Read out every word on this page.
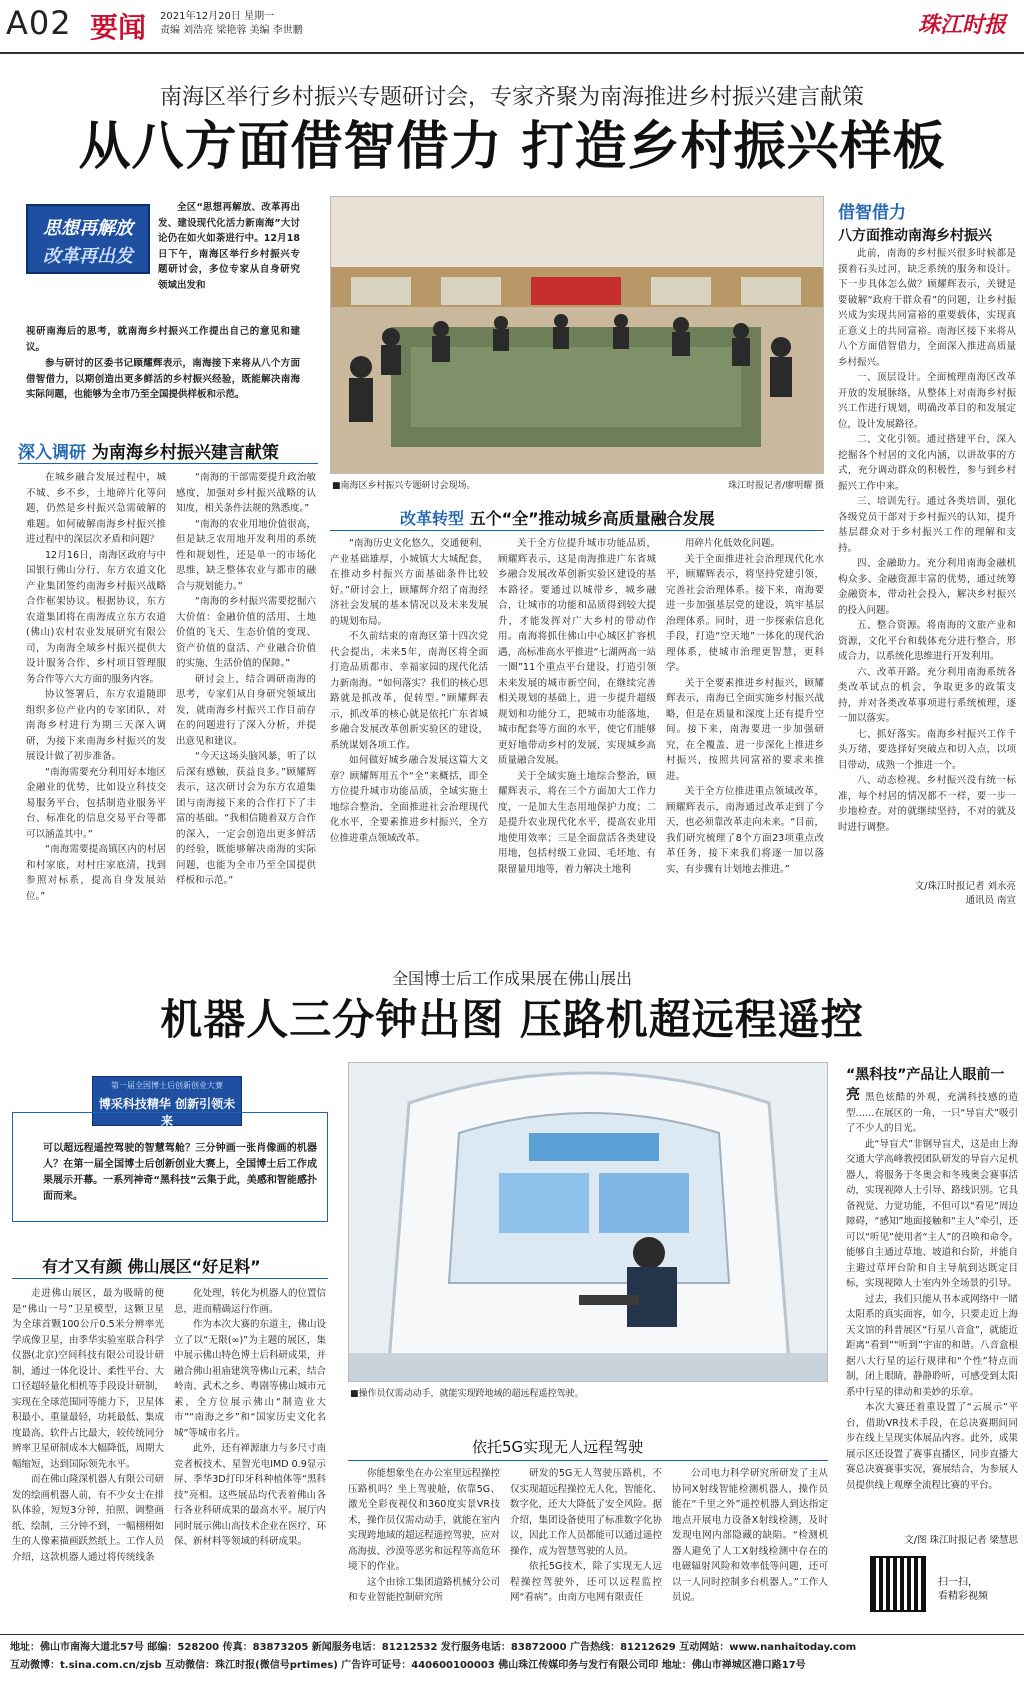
A02 要闻 2021年12月20日 星期一
责编 刘浩亮 梁艳蓉 美编 李世鹏	珠江时报
南海区举行乡村振兴专题研讨会，专家齐聚为南海推进乡村振兴建言献策
从八方面借智借力 打造乡村振兴样板
思想再解放
改革再出发

全区“思想再解放、改革再出发、建设现代化活力新南海”大讨论仍在如火如荼进行中。12月18日下午，南海区举行乡村振兴专题研讨会，多位专家从自身研究领域出发和

视研南海后的思考，就南海乡村振兴工作提出自己的意见和建议。

参与研讨的区委书记顾耀辉表示，南海接下来将从八个方面借智借力，以期创造出更多鲜活的乡村振兴经验，既能解决南海实际问题，也能够为全市乃至全国提供样板和示范。

深入调研 为南海乡村振兴建言献策

在城乡融合发展过程中，城不城、乡不乡，土地碎片化等问题，仍然是乡村振兴急需破解的难题。如何破解南海乡村振兴推进过程中的深层次矛盾和问题？

12月16日，南海区政府与中国银行佛山分行、东方农道文化产业集团签约南海乡村振兴战略合作框架协议。根据协议，东方农道集团将在南海成立东方农道(佛山)农村农业发展研究有限公司，为南海全域乡村振兴提供大设计服务合作、乡村项目管理服务合作等六大方面的服务内容。

协议签署后，东方农道随即组织多位产业内的专家团队，对南海乡村进行为期三天深入调研，为接下来南海乡村振兴的发展设计做了初步准备。

“南海需要充分利用好本地区金融业的优势，比如设立科技交易服务平台，包括制造业服务平台、标准化的信息交易平台等都可以涵盖其中。”

“南海需要提高镇区内的村居和村家底，对村庄家底清，找到参照对标系，提高自身发展站位。”

“南海的干部需要提升政治敏感度，加强对乡村振兴战略的认知度，相关条件法规的熟悉度。”

“南海的农业用地价值很高，但是缺乏农用地开发利用的系统性和规划性，还是单一的市场化思维，缺乏整体农业与都市的融合与规划能力。”

“南海的乡村振兴需要挖掘六大价值：金融价值的活用、土地价值的飞天、生态价值的变现、资产价值的盘活、产业融合价值的实施、生活价值的保障。”

研讨会上，结合调研南海的思考，专家们从自身研究领域出发，就南海乡村振兴工作目前存在的问题进行了深入分析，并提出意见和建议。

“今天这场头脑风暴，听了以后深有感触，获益良多。”顾耀辉表示，这次研讨会为东方农道集团与南海接下来的合作打下了丰富的基础。“我相信随着双方合作的深入，一定会创造出更多鲜活的经验，既能够解决南海的实际问题，也能为全市乃至全国提供样板和示范。”

■南海区乡村振兴专题研讨会现场。	珠江时报记者/廖明耀 摄
改革转型 五个“全”推动城乡高质量融合发展

“南海历史文化悠久，交通便利，产业基础雄厚，小城镇大大城配套，在推动乡村振兴方面基础条件比较好。”研讨会上，顾耀辉介绍了南海经济社会发展的基本情况以及未来发展的规划布局。

不久前结束的南海区第十四次党代会提出，未来5年，南海区将全面打造品质都市、幸福家园的现代化活力新南海。“如何落实？我们的核心思路就是抓改革，促转型。”顾耀辉表示，抓改革的核心就是依托广东省城乡融合发展改革创新实验区的建设，系统谋划各项工作。

如何做好城乡融合发展这篇大文章？顾耀辉用五个“全”来概括，即全方位提升城市功能品质，全域实施土地综合整治，全面推进社会治理现代化水平，全要素推进乡村振兴，全方位推进重点领域改革。

关于全方位提升城市功能品质，顾耀辉表示，这是南海推进广东省城乡融合发展改革创新实验区建设的基本路径。要通过以城带乡，城乡融合，让城市的功能和品质得到较大提升，才能发挥对广大乡村的带动作用。南海将抓住佛山中心城区扩容机遇，高标准高水平推进“七湖两高一站一圈”11个重点平台建设，打造引领未来发展的城市新空间，在继续完善相关规划的基础上，进一步提升超级规划和功能分工，把城市功能落地，城市配套等方面的水平，使它们能够更好地带动乡村的发展，实现城乡高质量融合发展。

关于全域实施土地综合整治，顾耀辉表示，将在三个方面加大工作力度，一是加大生态用地保护力度；二是提升农业现代化水平，提高农业用地使用效率；三是全面盘活各类建设用地，包括村级工业园、毛坯地、有限留量用地等，着力解决土地利

用碎片化低效化问题。

关于全面推进社会治理现代化水平，顾耀辉表示，将坚持党建引领，完善社会治理体系。接下来，南海要进一步加强基层党的建设，筑牢基层治理体系。同时，进一步探索信息化手段，打造“空天地”一体化的现代治理体系，使城市治理更智慧，更科学。

关于全要素推进乡村振兴，顾耀辉表示，南海已全面实施乡村振兴战略，但是在质量和深度上还有提升空间。接下来，南海要进一步加强研究，在全覆盖、进一步深化上推进乡村振兴，按照共同富裕的要求来推进。

关于全方位推进重点领域改革，顾耀辉表示，南海通过改革走到了今天，也必须靠改革走向未来。“目前，我们研究梳理了8个方面23项重点改革任务，接下来我们将逐一加以落实，有步骤有计划地去推进。”

借智借力
八方面推动南海乡村振兴

此前，南海的乡村振兴很多时候都是摸着石头过河，缺乏系统的服务和设计。下一步具体怎么做？顾耀辉表示，关键是要破解“政府干群众看”的问题，让乡村振兴成为实现共同富裕的重要载体，实现真正意义上的共同富裕。南海区接下来将从八个方面借智借力，全面深入推进高质量乡村振兴。

一、顶层设计。全面梳理南海区改革开放的发展脉络，从整体上对南海乡村振兴工作进行规划，明确改革目的和发展定位，设计发展路径。

二、文化引领。通过搭建平台，深入挖掘各个村居的文化内涵，以讲故事的方式，充分调动群众的积极性，参与到乡村振兴工作中来。

三、培训先行。通过各类培训，强化各级党员干部对于乡村振兴的认知，提升基层群众对于乡村振兴工作的理解和支持。

四、金融助力。充分利用南海金融机构众多、金融资源丰富的优势，通过统筹金融资本，带动社会投入，解决乡村振兴的投入问题。

五、整合资源。将南海的文旅产业和资源，文化平台和载体充分进行整合，形成合力，以系统化思维进行开发利用。

六、改革开路。充分利用南海系统各类改革试点的机会，争取更多的政策支持，并对各类改革事项进行系统梳理，逐一加以落实。

七、抓好落实。南海乡村振兴工作千头万绪，要选择好突破点和切入点，以项目带动，成熟一个推进一个。

八、动态检视。乡村振兴没有统一标准，每个村居的情况都不一样，要一步一步地检查。对的就继续坚持，不对的就及时进行调整。

文/珠江时报记者 刘永亮
通讯员 南宣
全国博士后工作成果展在佛山展出
机器人三分钟出图 压路机超远程遥控
第一届全国博士后创新创业大赛
博采科技精华 创新引领未来
可以超远程遥控驾驶的智慧驾舱？三分钟画一张肖像画的机器人？在第一届全国博士后创新创业大赛上，全国博士后工作成果展示开幕。一系列神奇“黑科技”云集于此，美感和智能感扑面而来。
有才又有颜 佛山展区“好足料”

走进佛山展区，最为吸睛的便是“佛山一号”卫星模型，这颗卫星为全球首颗100公斤0.5米分辨率光学成像卫星，由季华实验室联合科学仪器(北京)空间科技有限公司设计研制，通过一体化设计、柔性平台、大口径超轻量化相机等手段设计研制，实现在全球范围同等能力下，卫星体积最小、重量最轻，功耗最低、集成度最高、软件占比最大，较传统同分辨率卫星研制成本大幅降低，周期大幅缩短，达到国际领先水平。

而在佛山隆深机器人有限公司研发的绘画机器人前，有不少女士在排队体验，短短3分钟，拍照、调整画纸、绘制，三分钟不到，一幅栩栩如生的人像素描画跃然纸上。工作人员介绍，这款机器人通过将传统线条

化处理，转化为机器人的位置信息，进而精确运行作画。

作为本次大赛的东道主，佛山设立了以“无限(∞)”为主题的展区，集中展示佛山特色博士后科研成果，并融合佛山祖庙建筑等佛山元素，结合岭南、武术之乡、粤剧等佛山城市元素，全方位展示佛山“制造业大市”“南海之乡”和“国家历史文化名城”等城市名片。

此外，还有禅源康力与多尺寸南竞者板技术、星智光电IMD 0.9显示屏、季华3D打印牙科种植体等“黑科技”亮相。这些展品均代表着佛山各行各业科研成果的最高水平。展厅内同时展示佛山高技术企业在医疗、环保、新材料等领域的科研成果。

■操作员仅需动动手，就能实现跨地域的超远程遥控驾驶。
依托5G实现无人远程驾驶

你能想象坐在办公室里远程操控压路机吗？坐上驾驶舱，依靠5G、激光全彩夜视仪和360度实景VR技术，操作员仅需动动手，就能在室内实现跨地域的超远程遥控驾驶，应对高海拔、沙漠等恶劣和远程等高危环境下的作业。

这个由徐工集团道路机械分公司和专业智能控制研究所

研发的5G无人驾驶压路机，不仅实现超远程操控无人化，智能化、数字化，还大大降低了安全风险。据介绍，集团设备使用了标准数字化协议，因此工作人员都能可以通过遥控操作，成为智慧驾驶的人员。

依托5G技术，除了实现无人远程操控驾驶外，还可以远程监控网“看病”。由南方电网有限责任

公司电力科学研究所研发了主从协同X射线智能检测机器人，操作员能在“千里之外”遥控机器人到达指定地点开展电力设备X射线检测，及时发现电网内部隐藏的缺陷。“检测机器人避免了人工X射线检测中存在的电磁辐射风险和效率低等问题，还可以一人同时控制多台机器人。”工作人员说。

“黑科技”产品让人眼前一亮 黑色炫酷的外观，充满科技感的造型……在展区的一角，一只“导盲犬”吸引了不少人的目光。

此“导盲犬”非钢导盲犬，这是由上海交通大学高峰教授团队研发的导盲六足机器人，将服务于冬奥会和冬残奥会赛事活动，实现视障人士引导、路线识别。它具备视觉、力觉功能，不但可以“看见”周边障碍，“感知”地面接触和“主人”牵引，还可以“听见”使用者“主人”的召唤和命令。能够自主通过草地、坡道和台阶，并能自主避过草坪台阶和自主导航到达既定目标，实现视障人士室内外全场景的引导。

过去，我们只能从书本或网络中一睹太阳系的真实面容，如今，只要走近上海天文馆的科普展区“行星八音盒”，就能近距离“看到”“听到”宇宙的和谐。八音盒根据八大行星的运行规律和“个性”特点而制，闭上眼睛，静静聆听，可感受到太阳系中行星的律动和美妙的乐章。

本次大赛还着重设置了“云展示”平台，借助VR技术手段，在总决赛期间同步在线上呈现实体展品内容。此外，成果展示区还设置了赛事直播区，同步直播大赛总决赛赛事实况，赛展结合，为参展人员提供线上观摩全流程比赛的平台。

文/图 珠江时报记者 梁慧思
扫一扫，
看精彩视频
地址：佛山市南海大道北57号 邮编：528200 传真：83873205 新闻服务电话：81212532 发行服务电话：83872000 广告热线：81212629 互动网站：www.nanhaitoday.com
互动微博：t.sina.com.cn/zjsb 互动微信：珠江时报(微信号prtimes) 广告许可证号：440600100003 佛山珠江传媒印务与发行有限公司印 地址：佛山市禅城区港口路17号
